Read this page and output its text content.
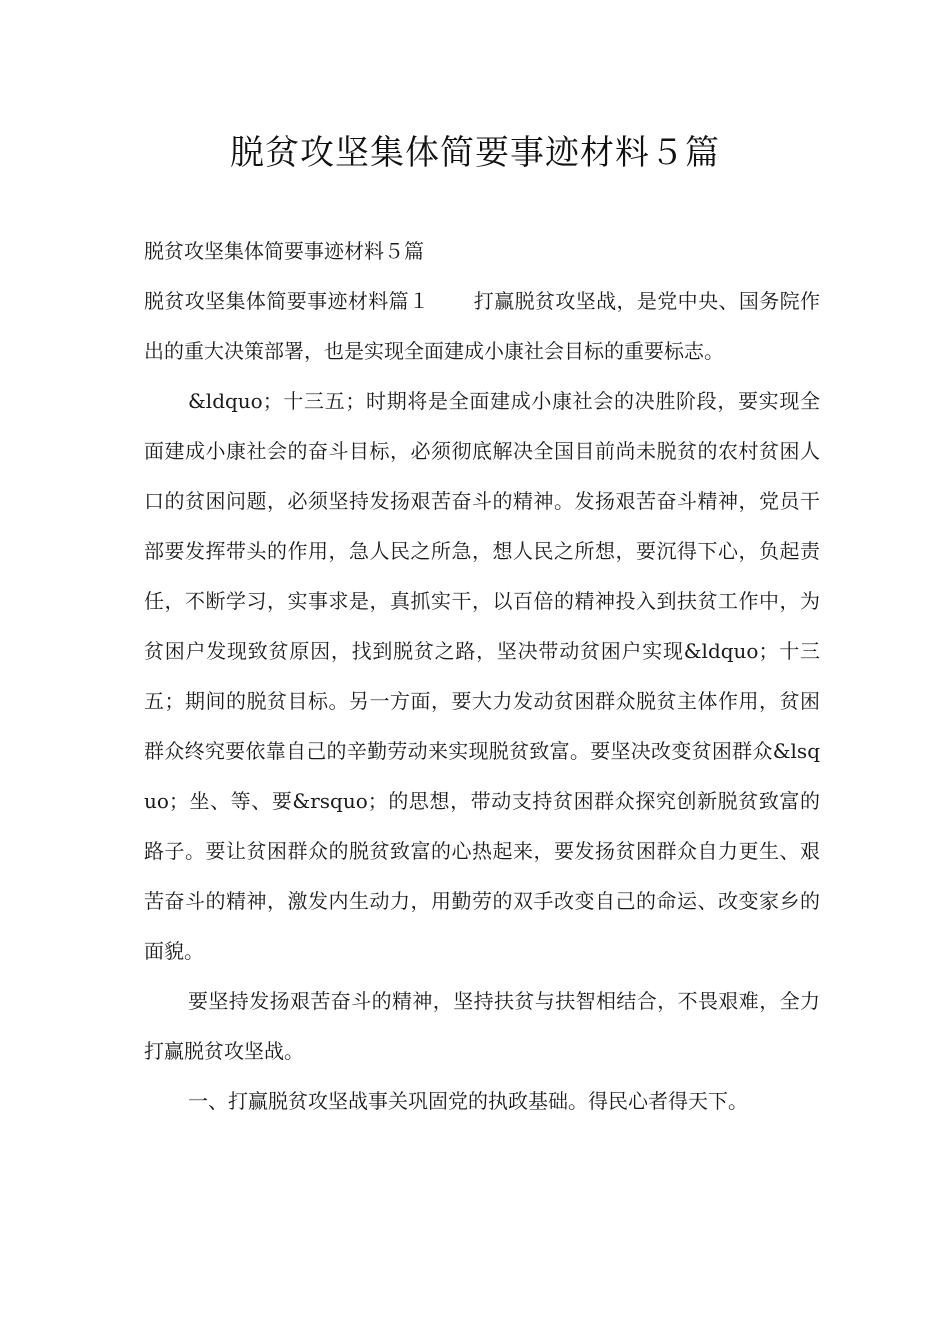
脱贫攻坚集体简要事迹材料５篇

脱贫攻坚集体简要事迹材料５篇

脱贫攻坚集体简要事迹材料篇１ 打赢脱贫攻坚战，是党中央、国务院作出的重大决策部署，也是实现全面建成小康社会目标的重要标志。

&ldquo；十三五；时期将是全面建成小康社会的决胜阶段，要实现全面建成小康社会的奋斗目标，必须彻底解决全国目前尚未脱贫的农村贫困人口的贫困问题，必须坚持发扬艰苦奋斗的精神。发扬艰苦奋斗精神，党员干部要发挥带头的作用，急人民之所急，想人民之所想，要沉得下心，负起责任，不断学习，实事求是，真抓实干，以百倍的精神投入到扶贫工作中，为贫困户发现致贫原因，找到脱贫之路，坚决带动贫困户实现&ldquo；十三五；期间的脱贫目标。另一方面，要大力发动贫困群众脱贫主体作用，贫困群众终究要依靠自己的辛勤劳动来实现脱贫致富。要坚决改变贫困群众&lsquo；坐、等、要&rsquo；的思想，带动支持贫困群众探究创新脱贫致富的路子。要让贫困群众的脱贫致富的心热起来，要发扬贫困群众自力更生、艰苦奋斗的精神，激发内生动力，用勤劳的双手改变自己的命运、改变家乡的面貌。

要坚持发扬艰苦奋斗的精神，坚持扶贫与扶智相结合，不畏艰难，全力打赢脱贫攻坚战。

一、打赢脱贫攻坚战事关巩固党的执政基础。得民心者得天下。
